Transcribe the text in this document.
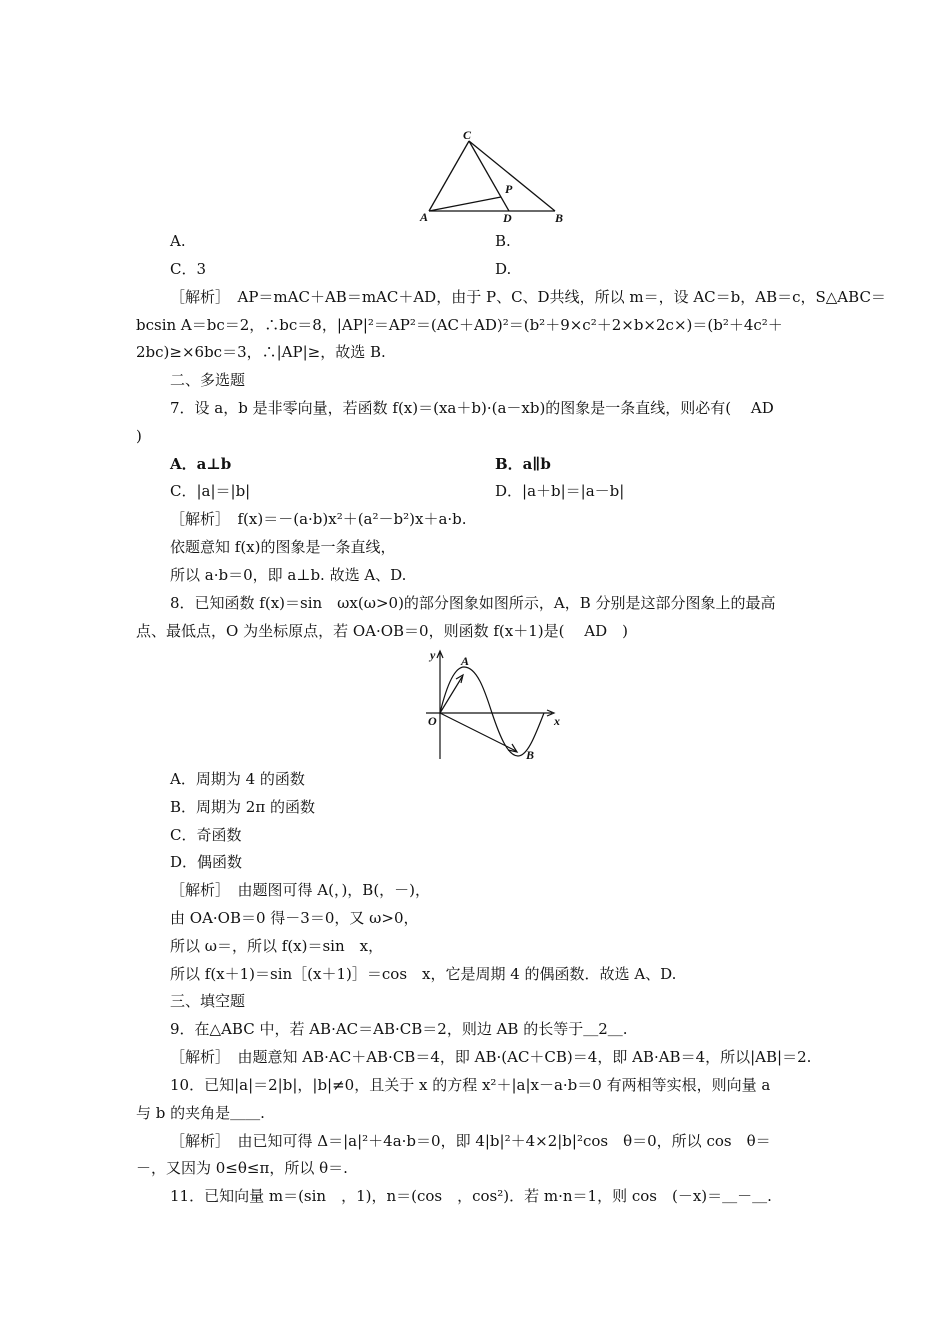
C
A	D	B
P
A.	B.
C．3	D.
［解析］　AP＝mAC＋AB＝mAC＋AD，由于 P、C、D共线，所以 m＝，设 AC＝b，AB＝c，S△ABC＝
bcsin A＝bc＝2，∴bc＝8，|AP|²＝AP²＝(AC＋AD)²＝(b²＋9×c²＋2×b×2c×)＝(b²＋4c²＋
2bc)≥×6bc＝3，∴|AP|≥，故选 B.
二、多选题
7．设 a，b 是非零向量，若函数 f(x)＝(xa＋b)·(a－xb)的图象是一条直线，则必有(　 AD
)
A．a⊥b	B．a∥b
C．|a|＝|b|	D．|a＋b|＝|a－b|
［解析］　f(x)＝－(a·b)x²＋(a²－b²)x＋a·b.
依题意知 f(x)的图象是一条直线，
所以 a·b＝0，即 a⊥b. 故选 A、D.
8．已知函数 f(x)＝sin　ωx(ω>0)的部分图象如图所示，A，B 分别是这部分图象上的最高
点、最低点，O 为坐标原点，若 OA·OB＝0，则函数 f(x＋1)是(　 AD　)
y
x
O
A
B
A．周期为 4 的函数
B．周期为 2π 的函数
C．奇函数
D．偶函数
［解析］　由题图可得 A(，)，B(，－)，
由 OA·OB＝0 得－3＝0，又 ω>0，
所以 ω＝，所以 f(x)＝sin　x，
所以 f(x＋1)＝sin［(x＋1)］＝cos　x，它是周期 4 的偶函数．故选 A、D.
三、填空题
9．在△ABC 中，若 AB·AC＝AB·CB＝2，则边 AB 的长等于＿2＿.
［解析］　由题意知 AB·AC＋AB·CB＝4，即 AB·(AC＋CB)＝4，即 AB·AB＝4，所以|AB|＝2.
10．已知|a|＝2|b|，|b|≠0，且关于 x 的方程 x²＋|a|x－a·b＝0 有两相等实根，则向量 a
与 b 的夹角是＿＿.
［解析］　由已知可得 Δ＝|a|²＋4a·b＝0，即 4|b|²＋4×2|b|²cos　θ＝0，所以 cos　θ＝
－，又因为 0≤θ≤π，所以 θ＝.
11．已知向量 m＝(sin　，1)，n＝(cos　，cos²)．若 m·n＝1，则 cos　(－x)＝＿－＿.
